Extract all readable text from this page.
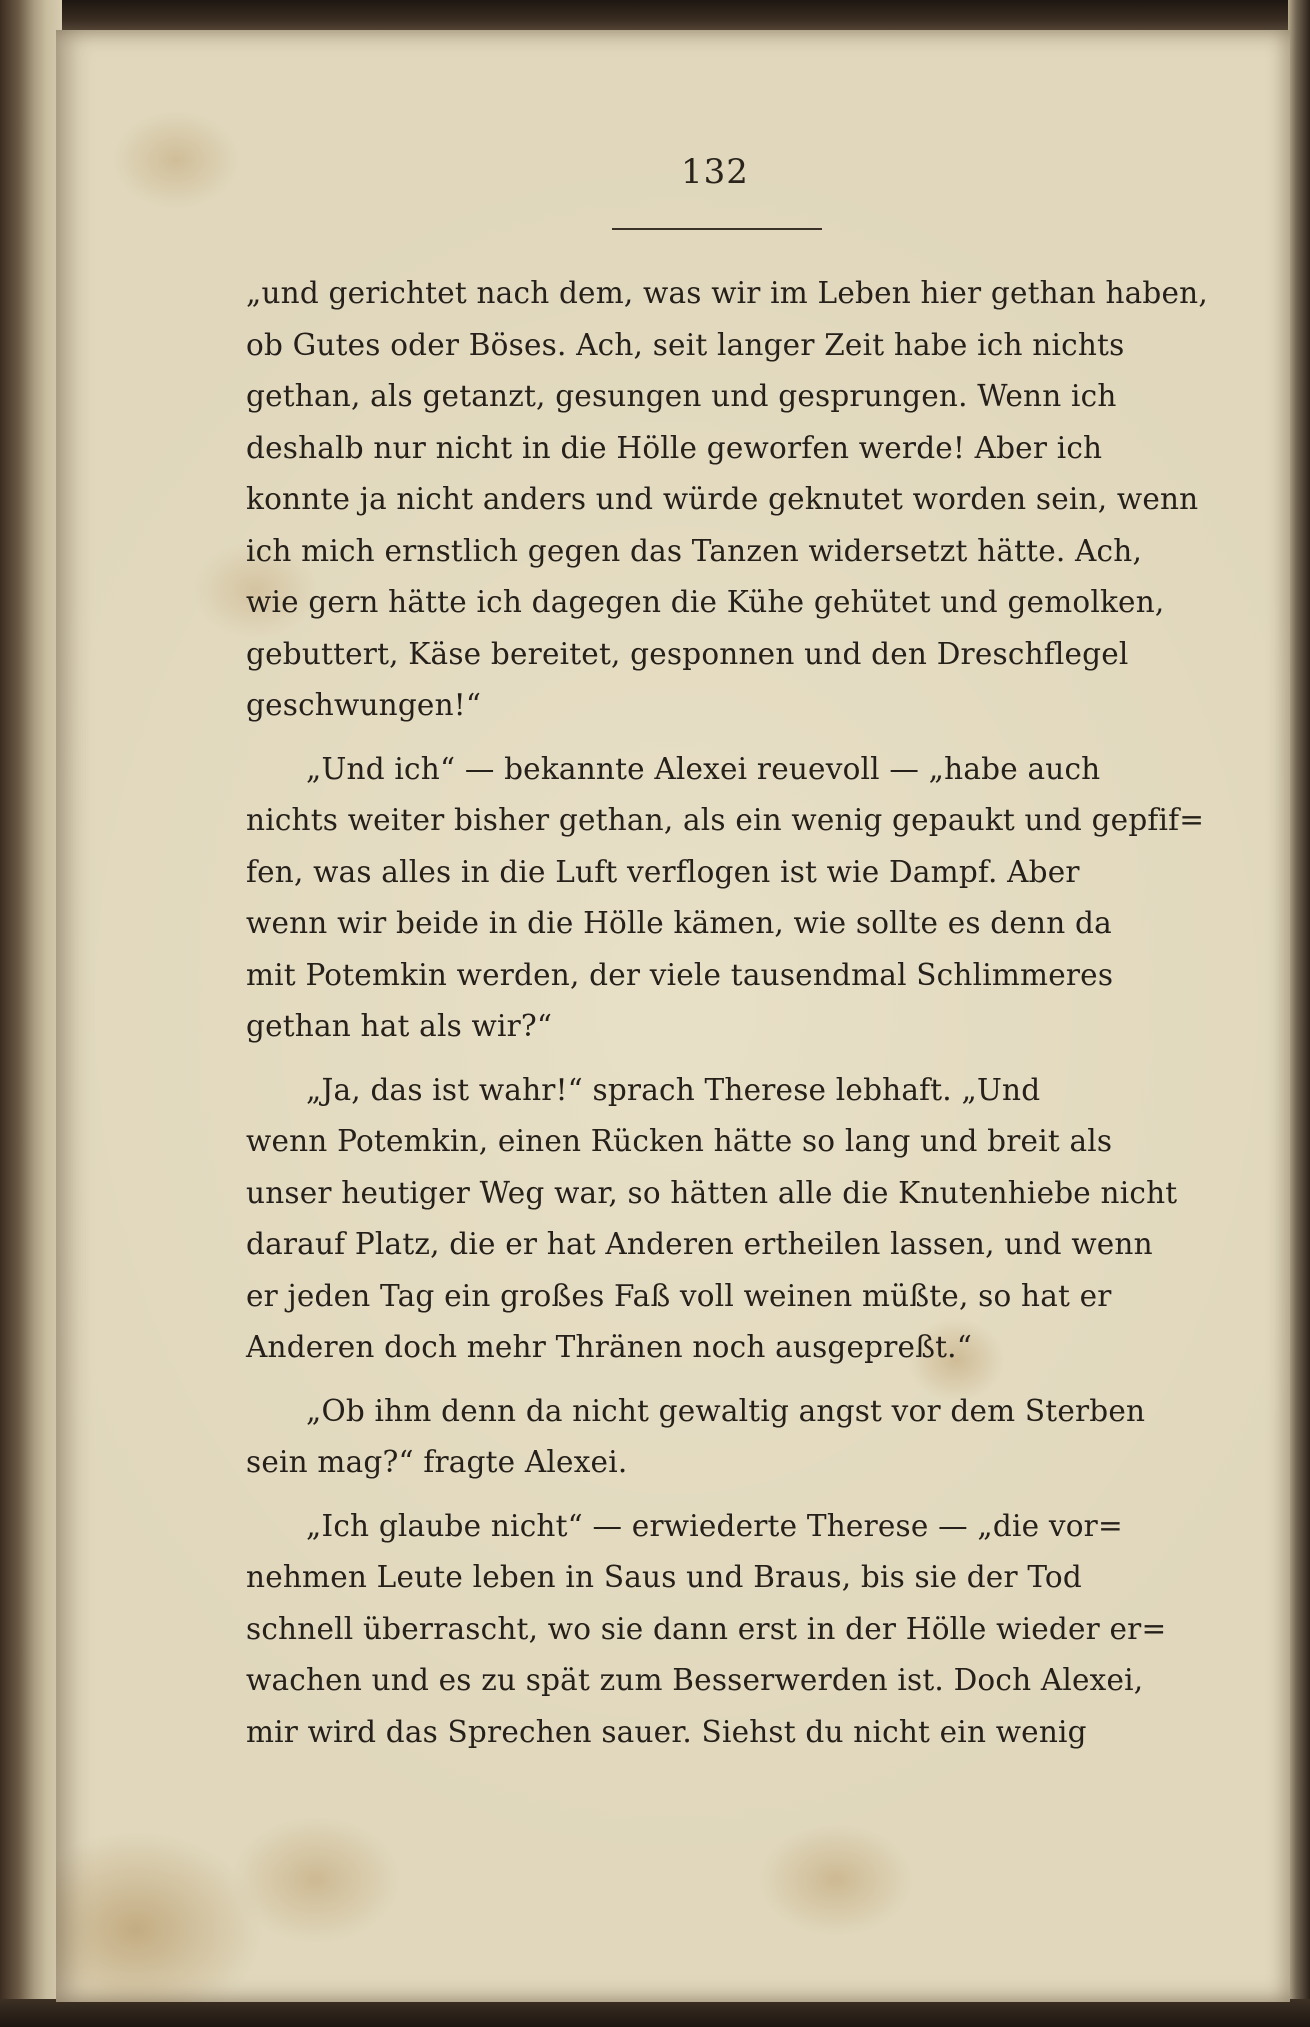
132
„und gerichtet nach dem, was wir im Leben hier gethan haben,
ob Gutes oder Böses. Ach, seit langer Zeit habe ich nichts
gethan, als getanzt, gesungen und gesprungen. Wenn ich
deshalb nur nicht in die Hölle geworfen werde! Aber ich
konnte ja nicht anders und würde geknutet worden sein, wenn
ich mich ernstlich gegen das Tanzen widersetzt hätte. Ach,
wie gern hätte ich dagegen die Kühe gehütet und gemolken,
gebuttert, Käse bereitet, gesponnen und den Dreschflegel
geschwungen!“
„Und ich“ — bekannte Alexei reuevoll — „habe auch
nichts weiter bisher gethan, als ein wenig gepaukt und gepfif=
fen, was alles in die Luft verflogen ist wie Dampf. Aber
wenn wir beide in die Hölle kämen, wie sollte es denn da
mit Potemkin werden, der viele tausendmal Schlimmeres
gethan hat als wir?“
„Ja, das ist wahr!“ sprach Therese lebhaft. „Und
wenn Potemkin, einen Rücken hätte so lang und breit als
unser heutiger Weg war, so hätten alle die Knutenhiebe nicht
darauf Platz, die er hat Anderen ertheilen lassen, und wenn
er jeden Tag ein großes Faß voll weinen müßte, so hat er
Anderen doch mehr Thränen noch ausgepreßt.“
„Ob ihm denn da nicht gewaltig angst vor dem Sterben
sein mag?“ fragte Alexei.
„Ich glaube nicht“ — erwiederte Therese — „die vor=
nehmen Leute leben in Saus und Braus, bis sie der Tod
schnell überrascht, wo sie dann erst in der Hölle wieder er=
wachen und es zu spät zum Besserwerden ist. Doch Alexei,
mir wird das Sprechen sauer. Siehst du nicht ein wenig
